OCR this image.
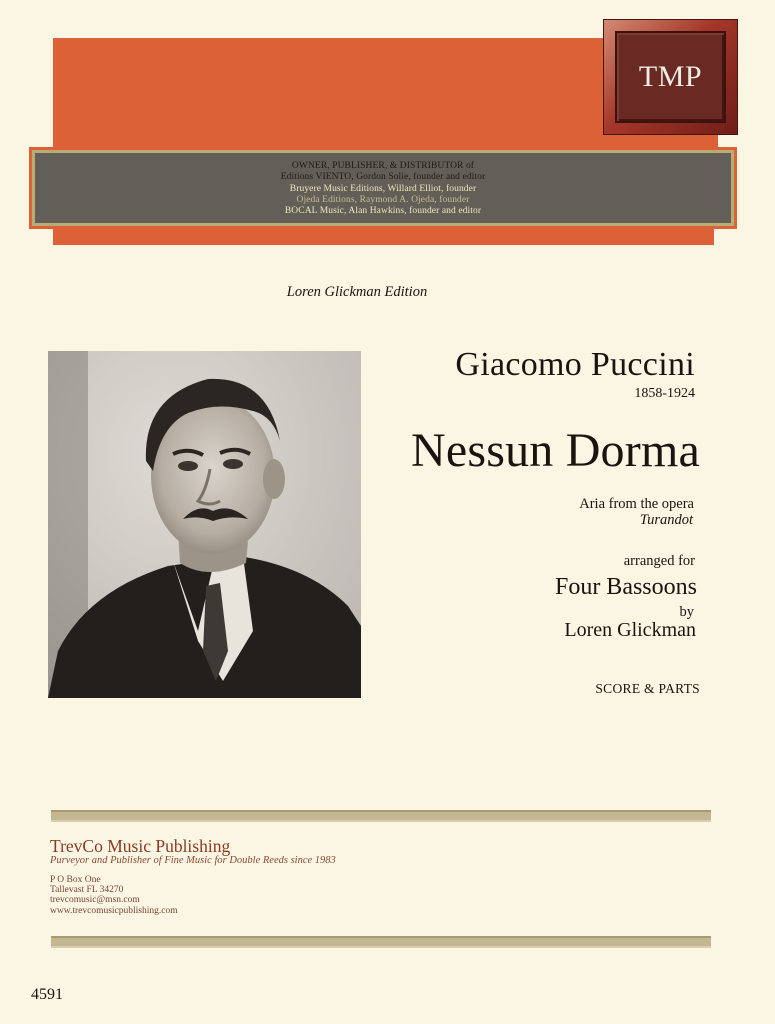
OWNER, PUBLISHER, & DISTRIBUTOR of
Editions VIENTO, Gordon Solie, founder and editor
Bruyere Music Editions, Willard Elliot, founder
Ojeda Editions, Raymond A. Ojeda, founder
BOCAL Music, Alan Hawkins, founder and editor
TMP
Loren Glickman Edition
Giacomo Puccini
1858-1924
Nessun Dorma
Aria from the opera
Turandot
arranged for
Four Bassoons
by
Loren Glickman
SCORE & PARTS
TrevCo Music Publishing
Purveyor and Publisher of Fine Music for Double Reeds since 1983
P O Box One
Tallevast FL 34270
trevcomusic@msn.com
www.trevcomusicpublishing.com
4591
